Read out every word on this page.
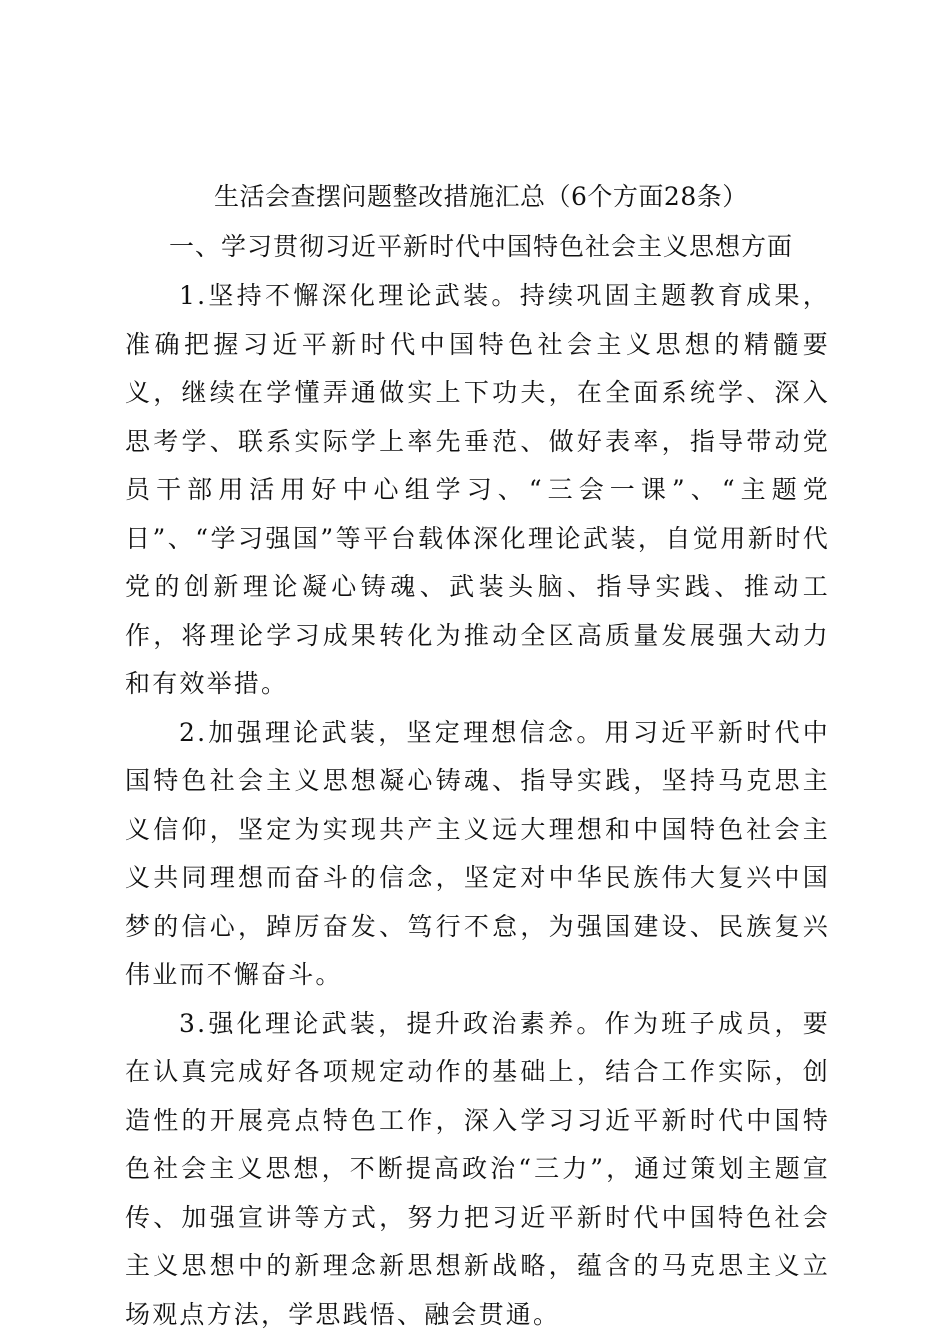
生活会查摆问题整改措施汇总（6个方面28条）
一、学习贯彻习近平新时代中国特色社会主义思想方面

1.坚持不懈深化理论武装。持续巩固主题教育成果，准确把握习近平新时代中国特色社会主义思想的精髓要义，继续在学懂弄通做实上下功夫，在全面系统学、深入思考学、联系实际学上率先垂范、做好表率，指导带动党员干部用活用好中心组学习、“三会一课”、“主题党日”、“学习强国”等平台载体深化理论武装，自觉用新时代党的创新理论凝心铸魂、武装头脑、指导实践、推动工作，将理论学习成果转化为推动全区高质量发展强大动力和有效举措。

2.加强理论武装，坚定理想信念。用习近平新时代中国特色社会主义思想凝心铸魂、指导实践，坚持马克思主义信仰，坚定为实现共产主义远大理想和中国特色社会主义共同理想而奋斗的信念，坚定对中华民族伟大复兴中国梦的信心，踔厉奋发、笃行不怠，为强国建设、民族复兴伟业而不懈奋斗。

3.强化理论武装，提升政治素养。作为班子成员，要在认真完成好各项规定动作的基础上，结合工作实际，创造性的开展亮点特色工作，深入学习习近平新时代中国特色社会主义思想，不断提高政治“三力”，通过策划主题宣传、加强宣讲等方式，努力把习近平新时代中国特色社会主义思想中的新理念新思想新战略，蕴含的马克思主义立场观点方法，学思践悟、融会贯通。
